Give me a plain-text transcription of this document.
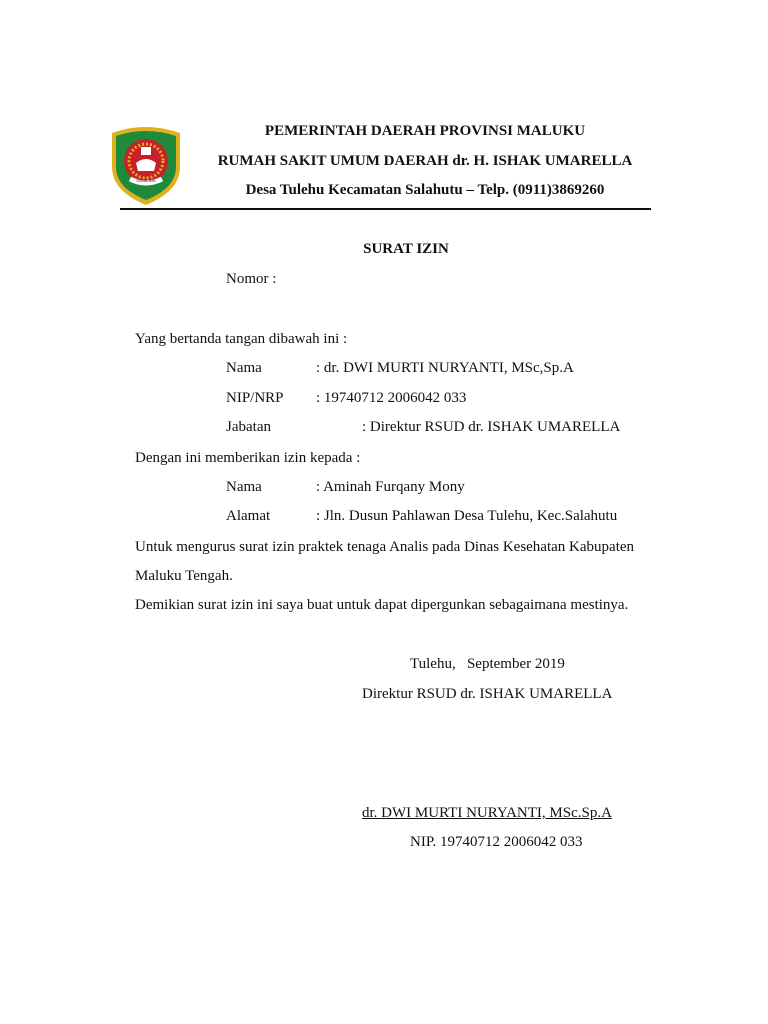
SIWALIMA
PEMERINTAH DAERAH PROVINSI MALUKU
RUMAH SAKIT UMUM DAERAH dr. H. ISHAK UMARELLA
Desa Tulehu Kecamatan Salahutu – Telp. (0911)3869260
SURAT IZIN
Nomor :
Yang bertanda tangan dibawah ini :
Nama	: dr. DWI MURTI NURYANTI, MSc,Sp.A
NIP/NRP : 19740712 2006042 033
Jabatan	: Direktur RSUD dr. ISHAK UMARELLA
Dengan ini memberikan izin kepada :
Nama	: Aminah Furqany Mony
Alamat	: Jln. Dusun Pahlawan Desa Tulehu, Kec.Salahutu
Untuk mengurus surat izin praktek tenaga Analis pada Dinas Kesehatan Kabupaten
Maluku Tengah.
Demikian surat izin ini saya buat untuk dapat dipergunkan sebagaimana mestinya.
Tulehu,   September 2019
Direktur RSUD dr. ISHAK UMARELLA
dr. DWI MURTI NURYANTI, MSc.Sp.A
NIP. 19740712 2006042 033
